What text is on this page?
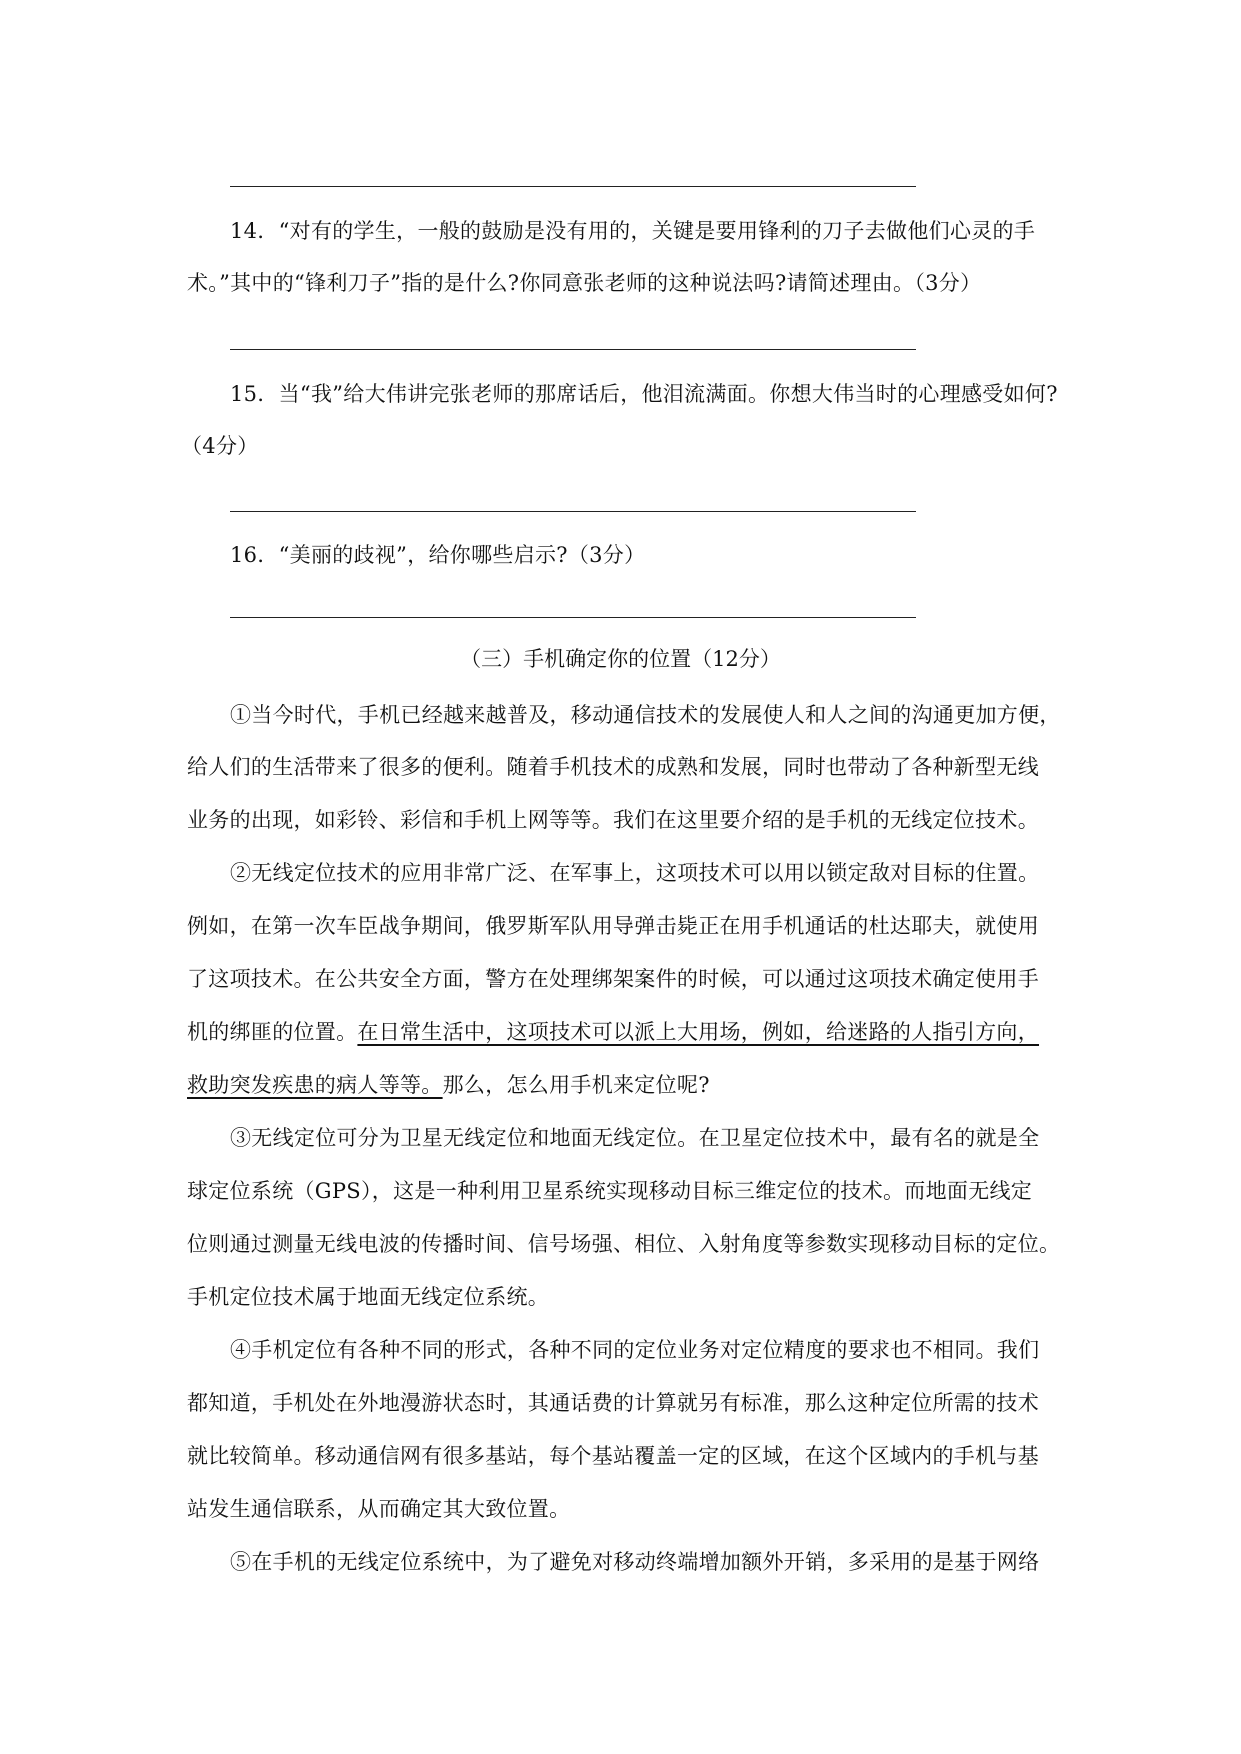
14．“对有的学生，一般的鼓励是没有用的，关键是要用锋利的刀子去做他们心灵的手
术。”其中的“锋利刀子”指的是什么?你同意张老师的这种说法吗?请简述理由。（3分）
15．当“我”给大伟讲完张老师的那席话后，他泪流满面。你想大伟当时的心理感受如何?
（4分）
16．“美丽的歧视”，给你哪些启示?（3分）
（三）手机确定你的位置（12分）
①当今时代，手机已经越来越普及，移动通信技术的发展使人和人之间的沟通更加方便，
给人们的生活带来了很多的便利。随着手机技术的成熟和发展，同时也带动了各种新型无线
业务的出现，如彩铃、彩信和手机上网等等。我们在这里要介绍的是手机的无线定位技术。
②无线定位技术的应用非常广泛、在军事上，这项技术可以用以锁定敌对目标的住置。
例如，在第一次车臣战争期间，俄罗斯军队用导弹击毙正在用手机通话的杜达耶夫，就使用
了这项技术。在公共安全方面，警方在处理绑架案件的时候，可以通过这项技术确定使用手
机的绑匪的位置。在日常生活中，这项技术可以派上大用场，例如，给迷路的人指引方向，
救助突发疾患的病人等等。那么，怎么用手机来定位呢?
③无线定位可分为卫星无线定位和地面无线定位。在卫星定位技术中，最有名的就是全
球定位系统（GPS），这是一种利用卫星系统实现移动目标三维定位的技术。而地面无线定
位则通过测量无线电波的传播时间、信号场强、相位、入射角度等参数实现移动目标的定位。
手机定位技术属于地面无线定位系统。
④手机定位有各种不同的形式，各种不同的定位业务对定位精度的要求也不相同。我们
都知道，手机处在外地漫游状态时，其通话费的计算就另有标准，那么这种定位所需的技术
就比较简单。移动通信网有很多基站，每个基站覆盖一定的区域，在这个区域内的手机与基
站发生通信联系，从而确定其大致位置。
⑤在手机的无线定位系统中，为了避免对移动终端增加额外开销，多采用的是基于网络
